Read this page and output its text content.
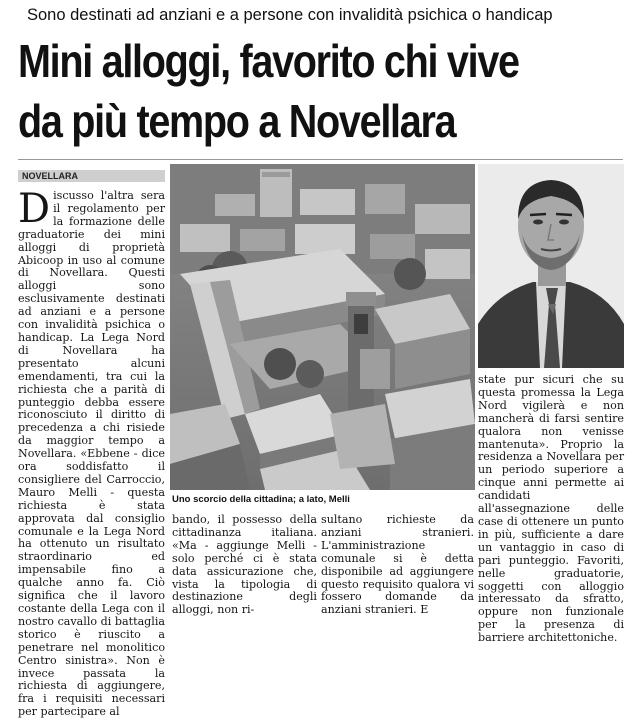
Sono destinati ad anziani e a persone con invalidità psichica o handicap
Mini alloggi, favorito chi vive
da più tempo a Novellara
NOVELLARA
D iscusso l'altra sera il regolamento per la formazione delle graduatorie dei mini alloggi di proprietà Abicoop in uso al comune di Novellara. Questi alloggi sono esclusivamente destinati ad anziani e a persone con invalidità psichica o handicap. La Lega Nord di Novellara ha presentato alcuni emendamenti, tra cui la richiesta che a parità di punteggio debba essere riconosciuto il diritto di precedenza a chi risiede da maggior tempo a Novellara. «Ebbene - dice ora soddisfatto il consigliere del Carroccio, Mauro Melli - questa richiesta è stata approvata dal consiglio comunale e la Lega Nord ha ottenuto un risultato straordinario ed impensabile fino a qualche anno fa. Ciò significa che il lavoro costante della Lega con il nostro cavallo di battaglia storico è riuscito a penetrare nel monolitico Centro sinistra». Non è invece passata la richiesta di aggiungere, fra i requisiti necessari per partecipare al
Uno scorcio della cittadina; a lato, Melli
bando, il possesso della cittadinanza italiana. «Ma - aggiunge Melli - solo perché ci è stata data assicurazione che, vista la tipologia di destinazione degli alloggi, non ri-
sultano richieste da anziani stranieri. L'amministrazione comunale si è detta disponibile ad aggiungere questo requisito qualora vi fossero domande da anziani stranieri. E
state pur sicuri che su questa promessa la Lega Nord vigilerà e non mancherà di farsi sentire qualora non venisse mantenuta». Proprio la residenza a Novellara per un periodo superiore a cinque anni permette ai candidati all'assegnazione delle case di ottenere un punto in più, sufficiente a dare un vantaggio in caso di pari punteggio. Favoriti, nelle graduatorie, soggetti con alloggio interessato da sfratto, oppure non funzionale per la presenza di barriere architettoniche.
